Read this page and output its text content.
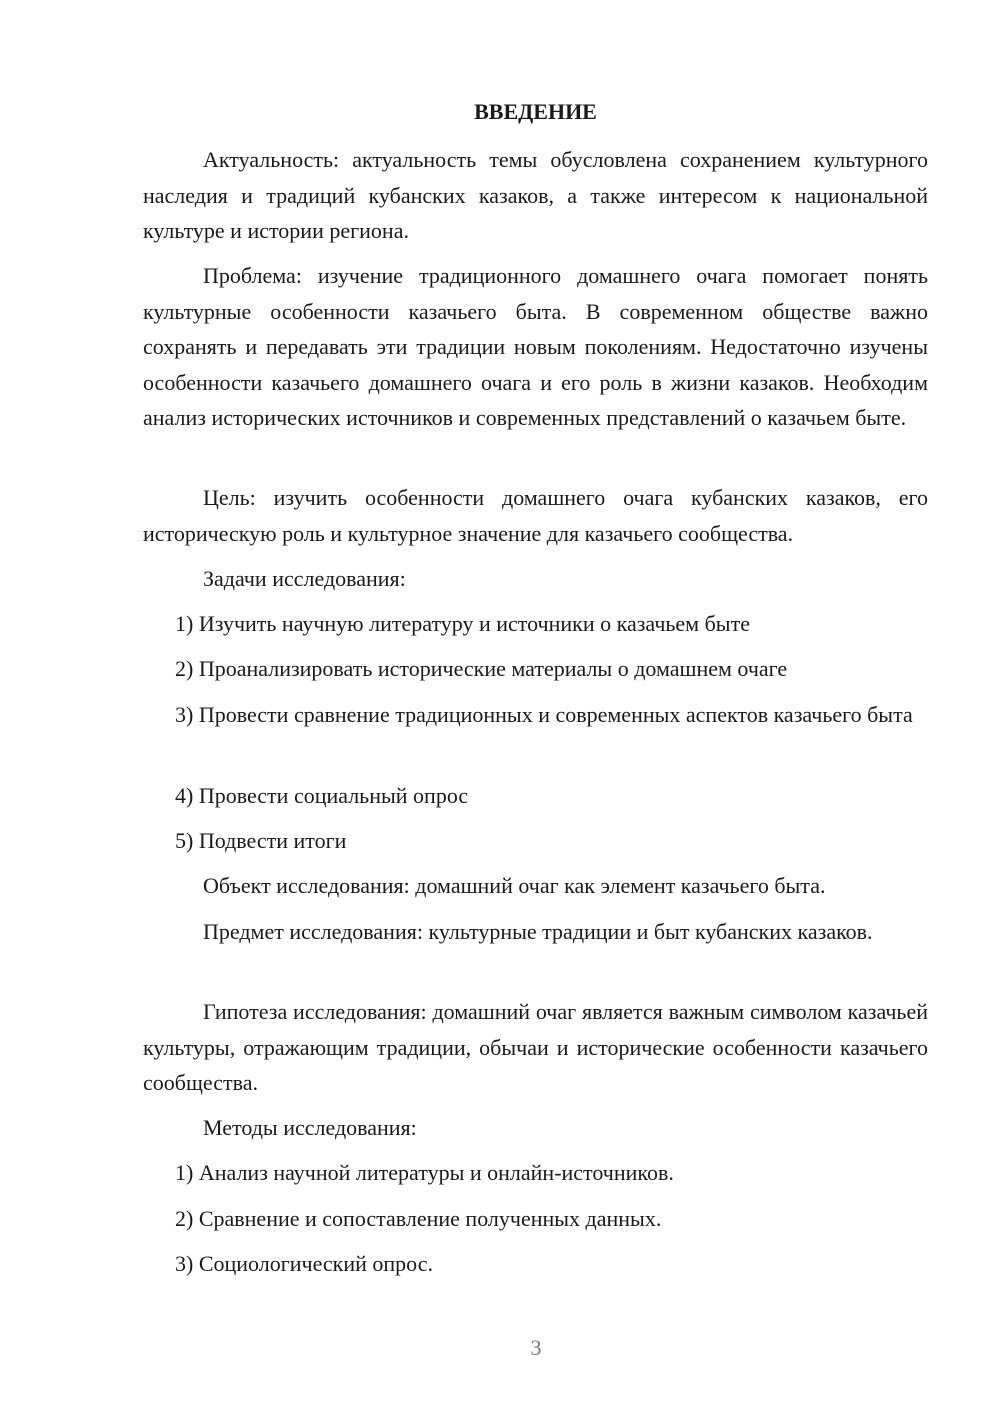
ВВЕДЕНИЕ

Актуальность: актуальность темы обусловлена сохранением культурного наследия и традиций кубанских казаков, а также интересом к национальной культуре и истории региона.

Проблема: изучение традиционного домашнего очага помогает понять культурные особенности казачьего быта. В современном обществе важно сохранять и передавать эти традиции новым поколениям. Недостаточно изучены особенности казачьего домашнего очага и его роль в жизни казаков. Необходим анализ исторических источников и современных представлений о казачьем быте.

Цель: изучить особенности домашнего очага кубанских казаков, его историческую роль и культурное значение для казачьего сообщества.

Задачи исследования:

1) Изучить научную литературу и источники о казачьем быте

2) Проанализировать исторические материалы о домашнем очаге

3) Провести сравнение традиционных и современных аспектов казачьего быта

4) Провести социальный опрос

5) Подвести итоги

Объект исследования: домашний очаг как элемент казачьего быта.

Предмет исследования: культурные традиции и быт кубанских казаков.

Гипотеза исследования: домашний очаг является важным символом казачьей культуры, отражающим традиции, обычаи и исторические особенности казачьего сообщества.

Методы исследования:

1) Анализ научной литературы и онлайн-источников.

2) Сравнение и сопоставление полученных данных.

3) Социологический опрос.

3
